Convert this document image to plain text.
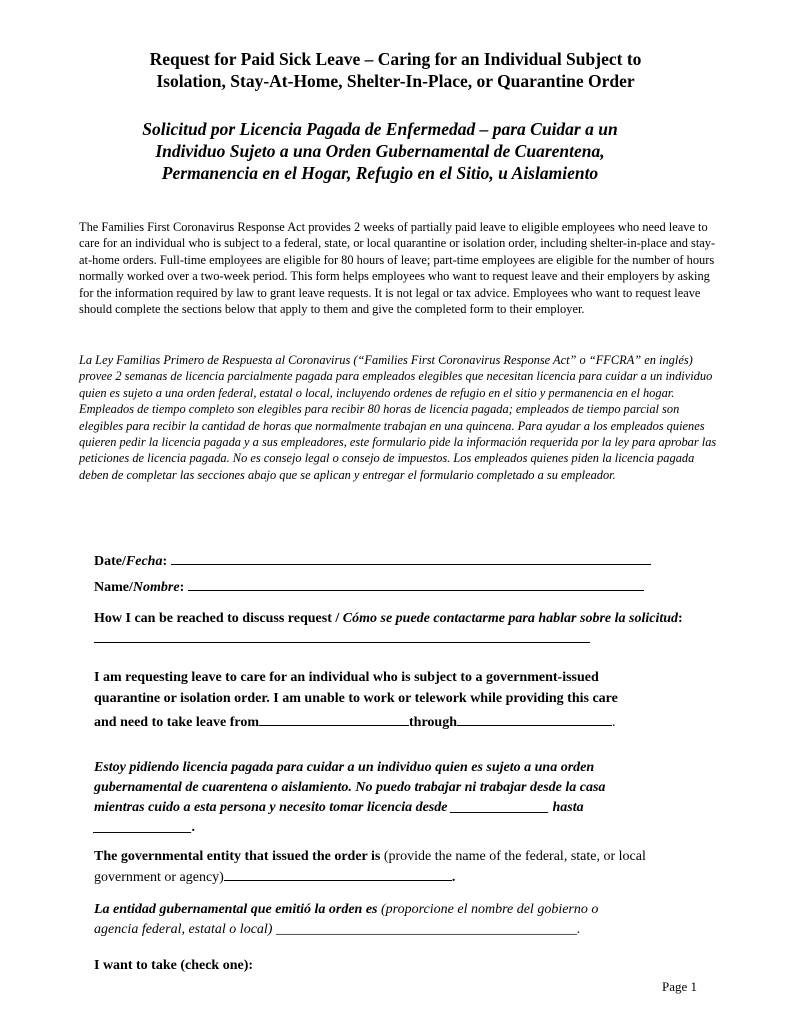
Request for Paid Sick Leave – Caring for an Individual Subject to
Isolation, Stay-At-Home, Shelter-In-Place, or Quarantine Order
Solicitud por Licencia Pagada de Enfermedad – para Cuidar a un
Individuo Sujeto a una Orden Gubernamental de Cuarentena,
Permanencia en el Hogar, Refugio en el Sitio, u Aislamiento
The Families First Coronavirus Response Act provides 2 weeks of partially paid leave to eligible employees who need leave to care for an individual who is subject to a federal, state, or local quarantine or isolation order, including shelter-in-place and stay-at-home orders. Full-time employees are eligible for 80 hours of leave; part-time employees are eligible for the number of hours normally worked over a two-week period. This form helps employees who want to request leave and their employers by asking for the information required by law to grant leave requests. It is not legal or tax advice. Employees who want to request leave should complete the sections below that apply to them and give the completed form to their employer.
La Ley Familias Primero de Respuesta al Coronavirus (“Families First Coronavirus Response Act” o “FFCRA” en inglés) provee 2 semanas de licencia parcialmente pagada para empleados elegibles que necesitan licencia para cuidar a un individuo quien es sujeto a una orden federal, estatal o local, incluyendo ordenes de refugio en el sitio y permanencia en el hogar. Empleados de tiempo completo son elegibles para recibir 80 horas de licencia pagada; empleados de tiempo parcial son elegibles para recibir la cantidad de horas que normalmente trabajan en una quincena. Para ayudar a los empleados quienes quieren pedir la licencia pagada y a sus empleadores, este formulario pide la información requerida por la ley para aprobar las peticiones de licencia pagada. No es consejo legal o consejo de impuestos. Los empleados quienes piden la licencia pagada deben de completar las secciones abajo que se aplican y entregar el formulario completado a su empleador.
Date/Fecha:
Name/Nombre:
How I can be reached to discuss request / Cómo se puede contactarme para hablar sobre la solicitud:
I am requesting leave to care for an individual who is subject to a government-issued
quarantine or isolation order. I am unable to work or telework while providing this care
and need to take leave from	through	.
Estoy pidiendo licencia pagada para cuidar a un individuo quien es sujeto a una orden
gubernamental de cuarentena o aislamiento. No puedo trabajar ni trabajar desde la casa
mientras cuido a esta persona y necesito tomar licencia desde ______________ hasta
______________.
The governmental entity that issued the order is (provide the name of the federal, state, or local
government or agency)	.
La entidad gubernamental que emitió la orden es (proporcione el nombre del gobierno o
agencia federal, estatal o local) ___________________________________________.
I want to take (check one):
Page 1
